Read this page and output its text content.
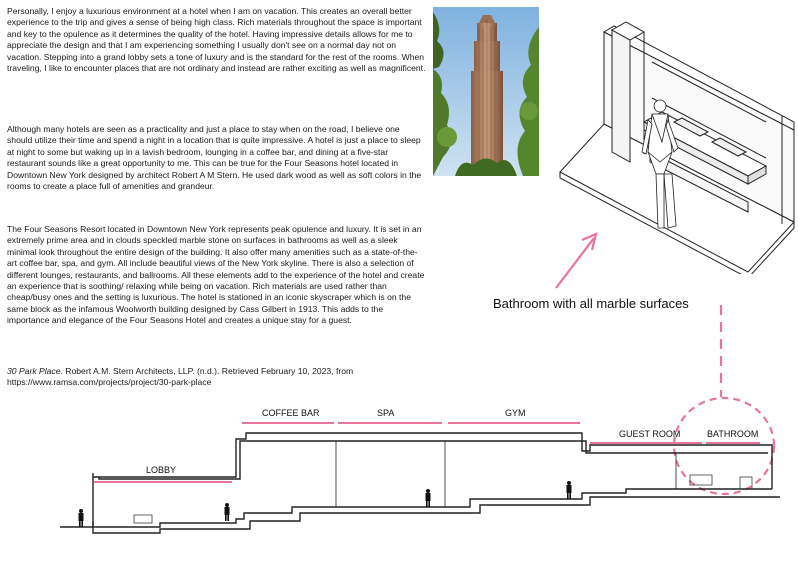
Personally, I enjoy a luxurious environment at a hotel when I am on vacation. This creates an overall better experience to the trip and gives a sense of being high class. Rich materials throughout the space is important and key to the opulence as it determines the quality of the hotel. Having impressive details allows for me to appreciate the design and that I am experiencing something I usually don't see on a normal day not on vacation. Stepping into a grand lobby sets a tone of luxury and is the standard for the rest of the rooms. When traveling, I like to encounter places that are not ordinary and instead are rather exciting as well as magnificent.

Although many hotels are seen as a practicality and just a place to stay when on the road, I believe one should utilize their time and spend a night in a location that is quite impressive. A hotel is just a place to sleep at night to some but waking up in a lavish bedroom, lounging in a coffee bar, and dining at a five-star restaurant sounds like a great opportunity to me. This can be true for the Four Seasons hotel located in Downtown New York designed by architect Robert A M Stern. He used dark wood as well as soft colors in the rooms to create a place full of amenities and grandeur.

The Four Seasons Resort located in Downtown New York represents peak opulence and luxury. It is set in an extremely prime area and in clouds speckled marble stone on surfaces in bathrooms as well as a sleek minimal look throughout the entire design of the building. It also offer many amenities such as a state-of-the-art coffee bar, spa, and gym. All include beautiful views of the New York skyline. There is also a selection of different lounges, restaurants, and ballrooms. All these elements add to the experience of the hotel and create an experience that is soothing/ relaxing while being on vacation. Rich materials are used rather than cheap/busy ones and the setting is luxurious. The hotel is stationed in an iconic skyscraper which is on the same block as the infamous Woolworth building designed by Cass Gilbert in 1913. This adds to the importance and elegance of the Four Seasons Hotel and creates a unique stay for a guest.

30 Park Place. Robert A.M. Stern Architects, LLP. (n.d.). Retrieved February 10, 2023, from https://www.ramsa.com/projects/project/30-park-place

Bathroom with all marble surfaces
LOBBY
COFFEE BAR	SPA	GYM
GUEST ROOM	BATHROOM
